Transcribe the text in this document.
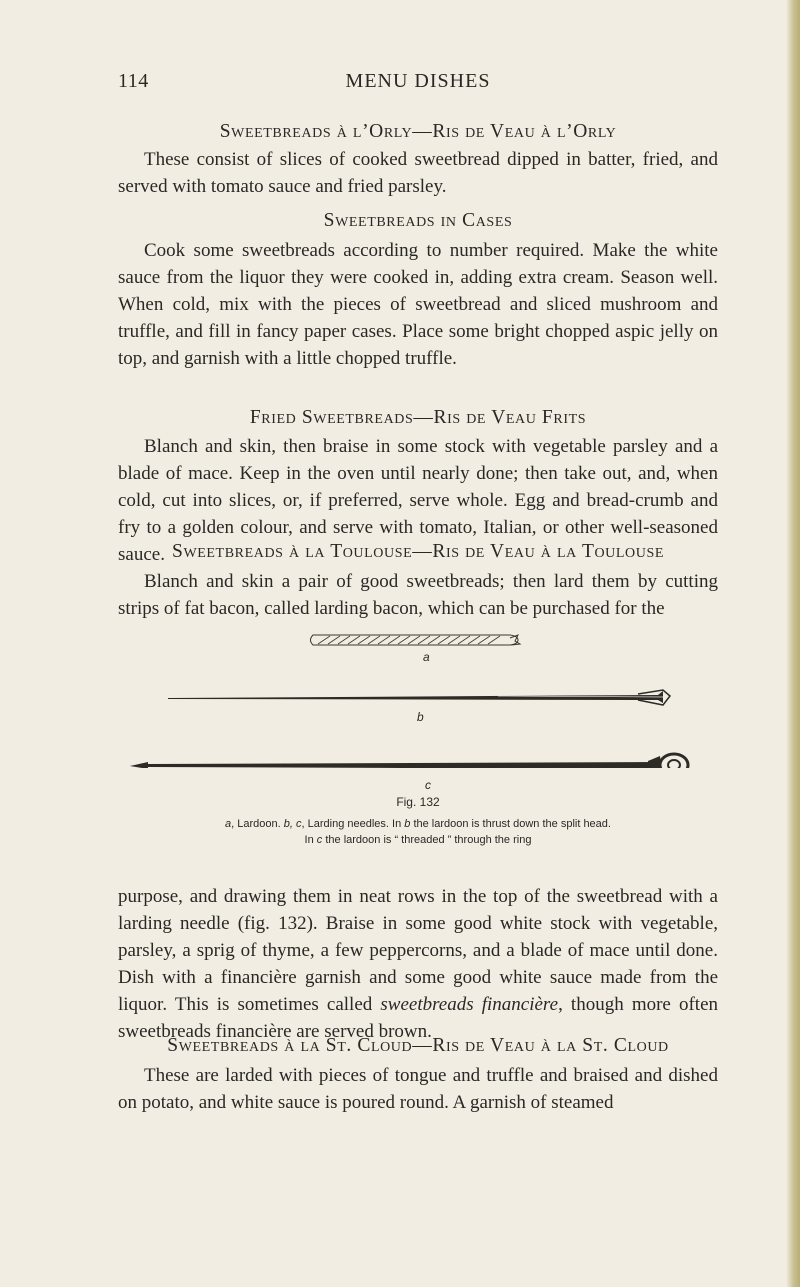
MENU DISHES
114
Sweetbreads à l’Orly—Ris de Veau à l’Orly

These consist of slices of cooked sweetbread dipped in batter, fried, and served with tomato sauce and fried parsley.

Sweetbreads in Cases

Cook some sweetbreads according to number required. Make the white sauce from the liquor they were cooked in, adding extra cream. Season well. When cold, mix with the pieces of sweetbread and sliced mushroom and truffle, and fill in fancy paper cases. Place some bright chopped aspic jelly on top, and garnish with a little chopped truffle.

Fried Sweetbreads—Ris de Veau Frits

Blanch and skin, then braise in some stock with vegetable parsley and a blade of mace. Keep in the oven until nearly done; then take out, and, when cold, cut into slices, or, if preferred, serve whole. Egg and bread-crumb and fry to a golden colour, and serve with tomato, Italian, or other well-seasoned sauce. Sweetbreads à la Toulouse—Ris de Veau à la Toulouse

Blanch and skin a pair of good sweetbreads; then lard them by cutting strips of fat bacon, called larding bacon, which can be purchased for the

a
b
c
Fig. 132
a, Lardoon. b, c, Larding needles. In b the lardoon is thrust down the split head.
In c the lardoon is “ threaded ” through the ring

purpose, and drawing them in neat rows in the top of the sweetbread with a larding needle (fig. 132). Braise in some good white stock with vegetable, parsley, a sprig of thyme, a few peppercorns, and a blade of mace until done. Dish with a financière garnish and some good white sauce made from the liquor. This is sometimes called sweetbreads financière, though more often sweetbreads financière are served brown.

Sweetbreads à la St. Cloud—Ris de Veau à la St. Cloud

These are larded with pieces of tongue and truffle and braised and dished on potato, and white sauce is poured round. A garnish of steamed
